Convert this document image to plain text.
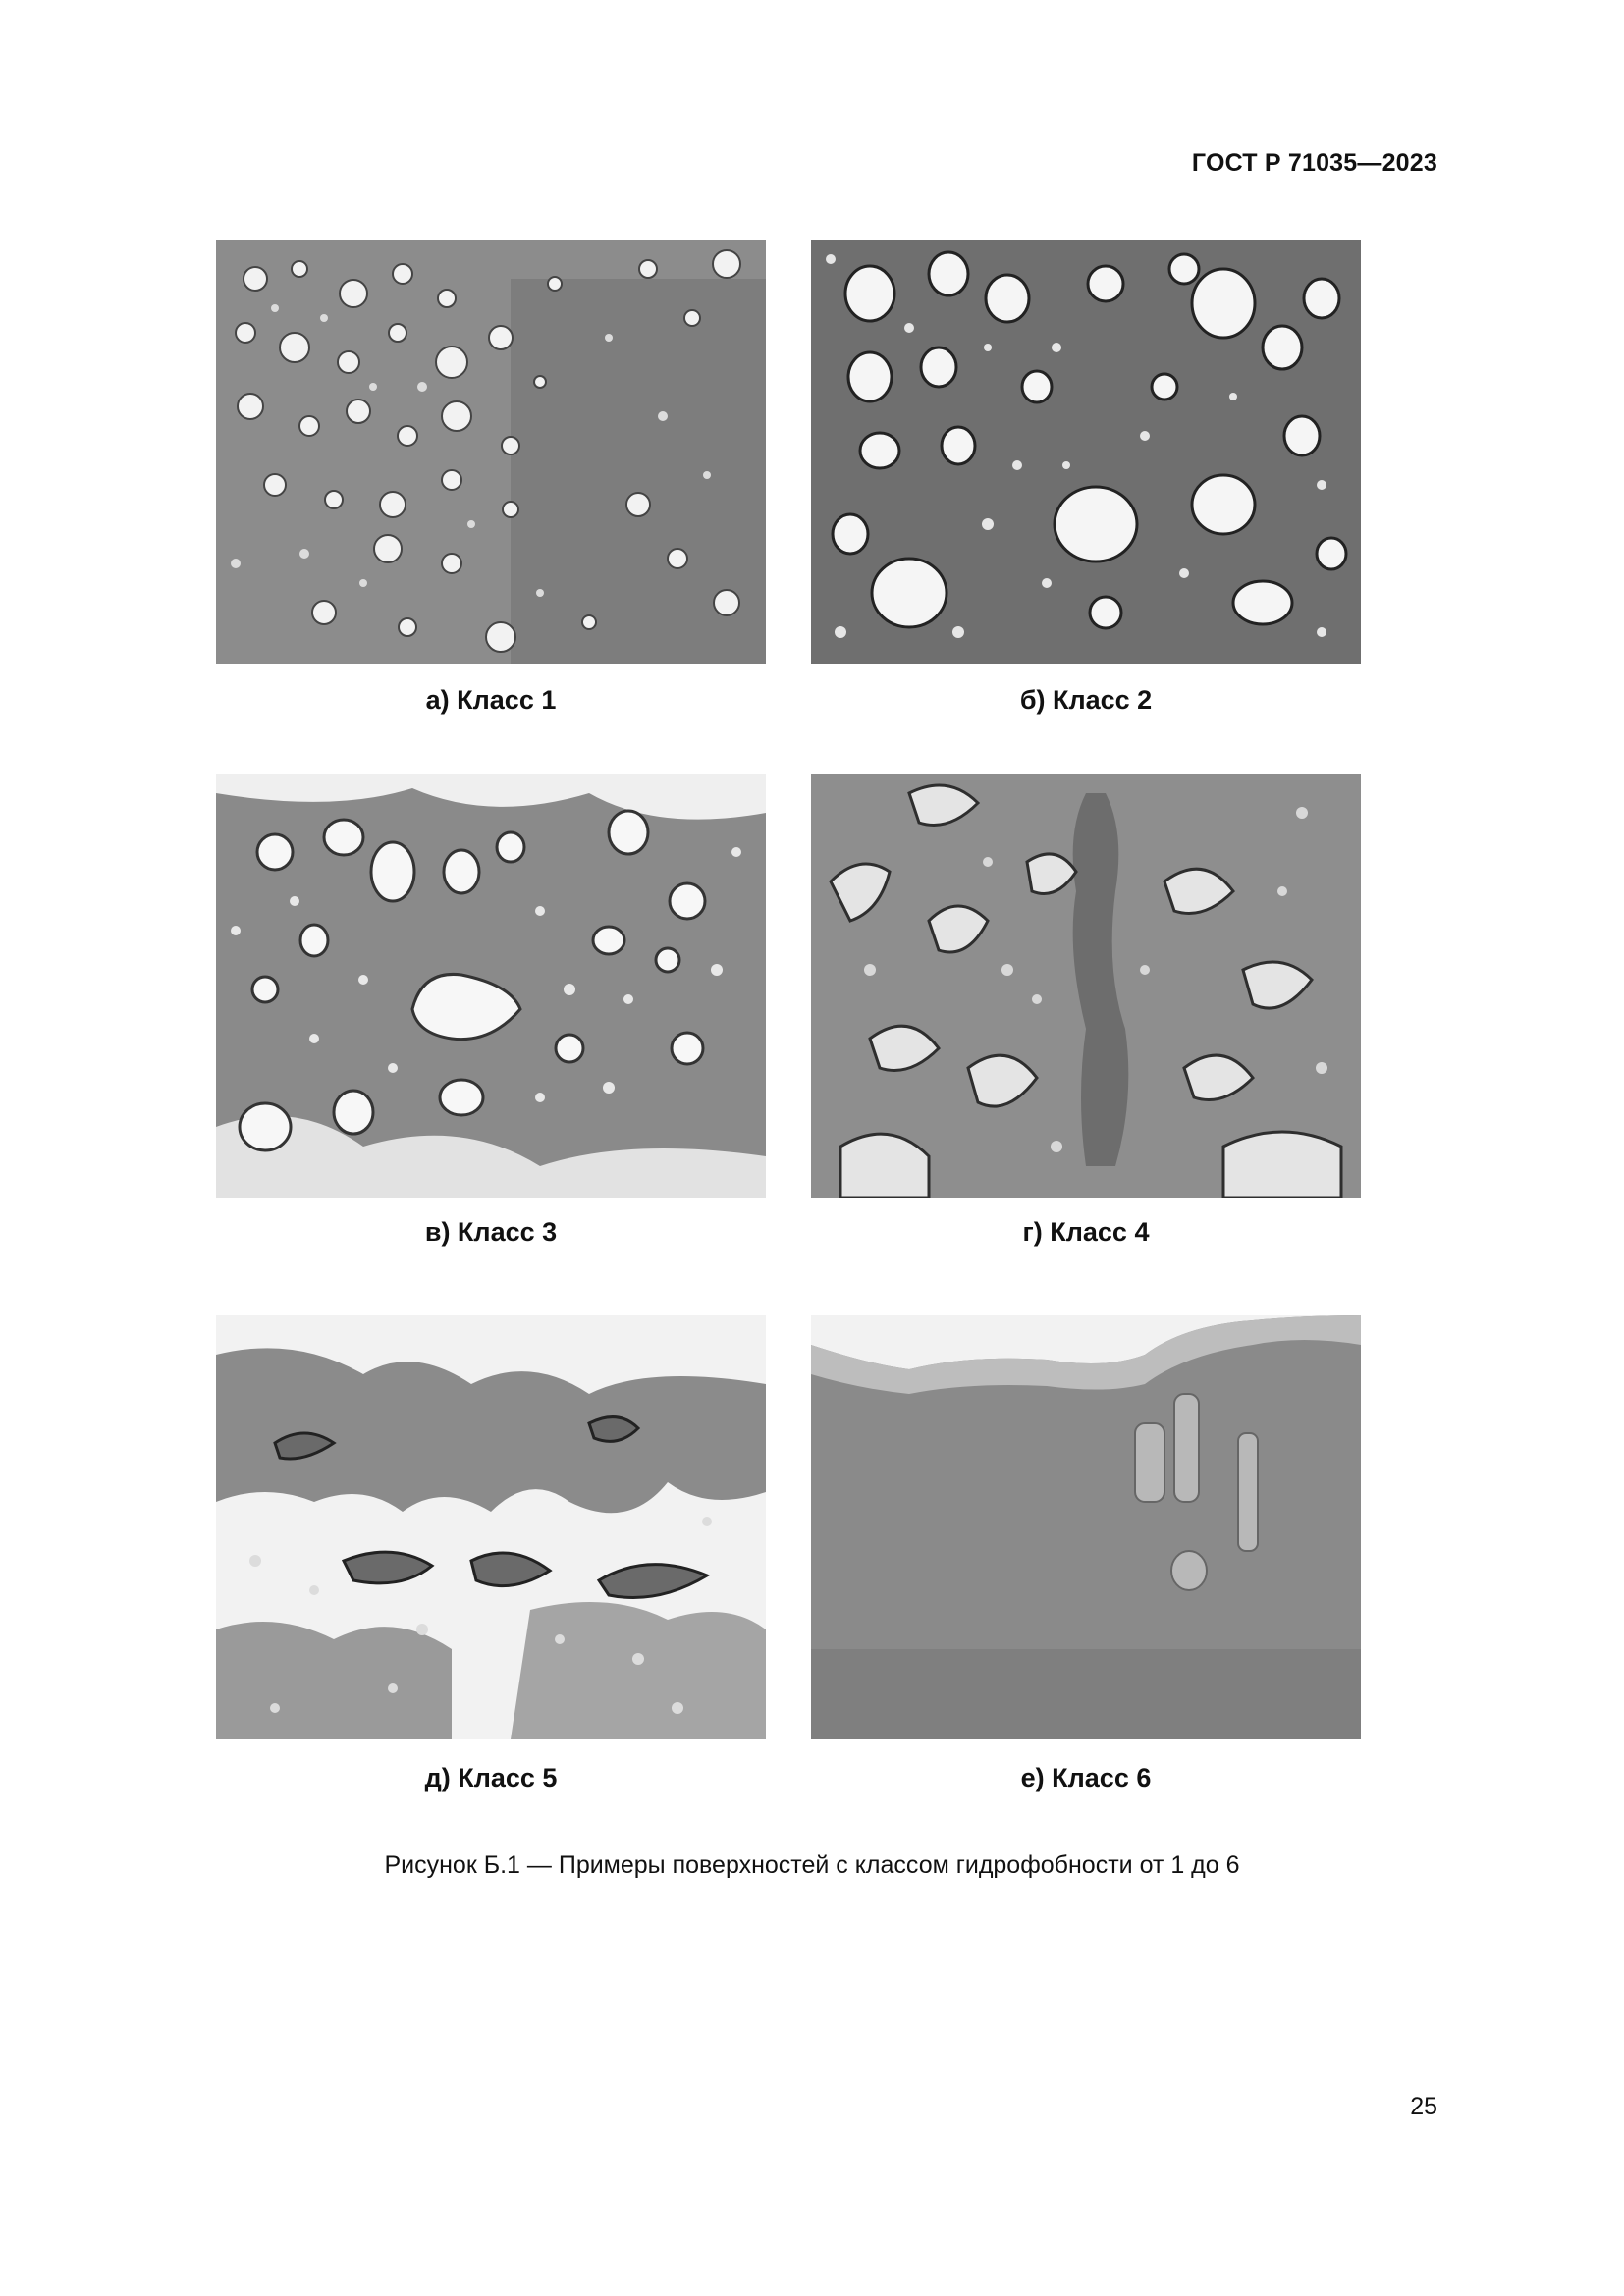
ГОСТ Р 71035—2023
а) Класс 1	б) Класс 2
в) Класс 3	г) Класс 4
д) Класс 5	е) Класс 6
Рисунок Б.1 — Примеры поверхностей с классом гидрофобности от 1 до 6
25
